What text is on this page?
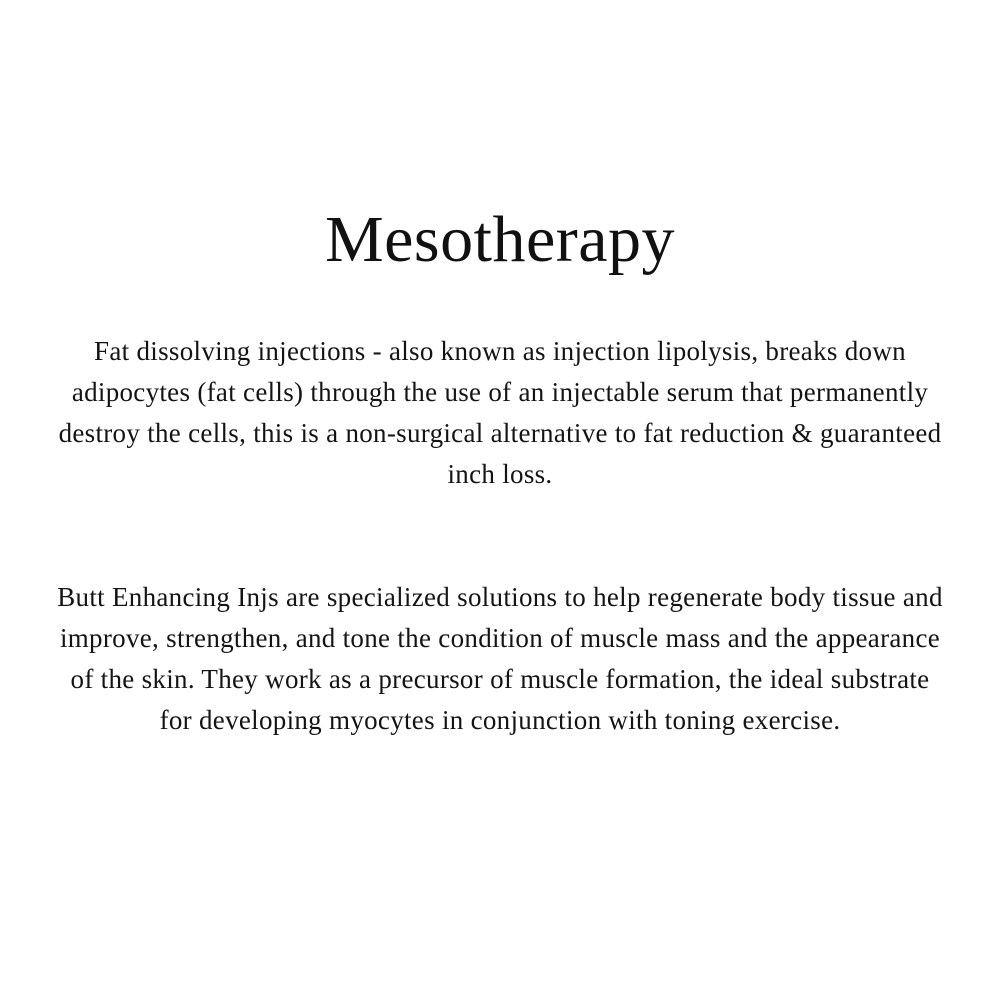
Mesotherapy

Fat dissolving injections - also known as injection lipolysis, breaks down adipocytes (fat cells) through the use of an injectable serum that permanently destroy the cells, this is a non-surgical alternative to fat reduction & guaranteed inch loss.

Butt Enhancing Injs are specialized solutions to help regenerate body tissue and improve, strengthen, and tone the condition of muscle mass and the appearance of the skin. They work as a precursor of muscle formation, the ideal substrate for developing myocytes in conjunction with toning exercise.
